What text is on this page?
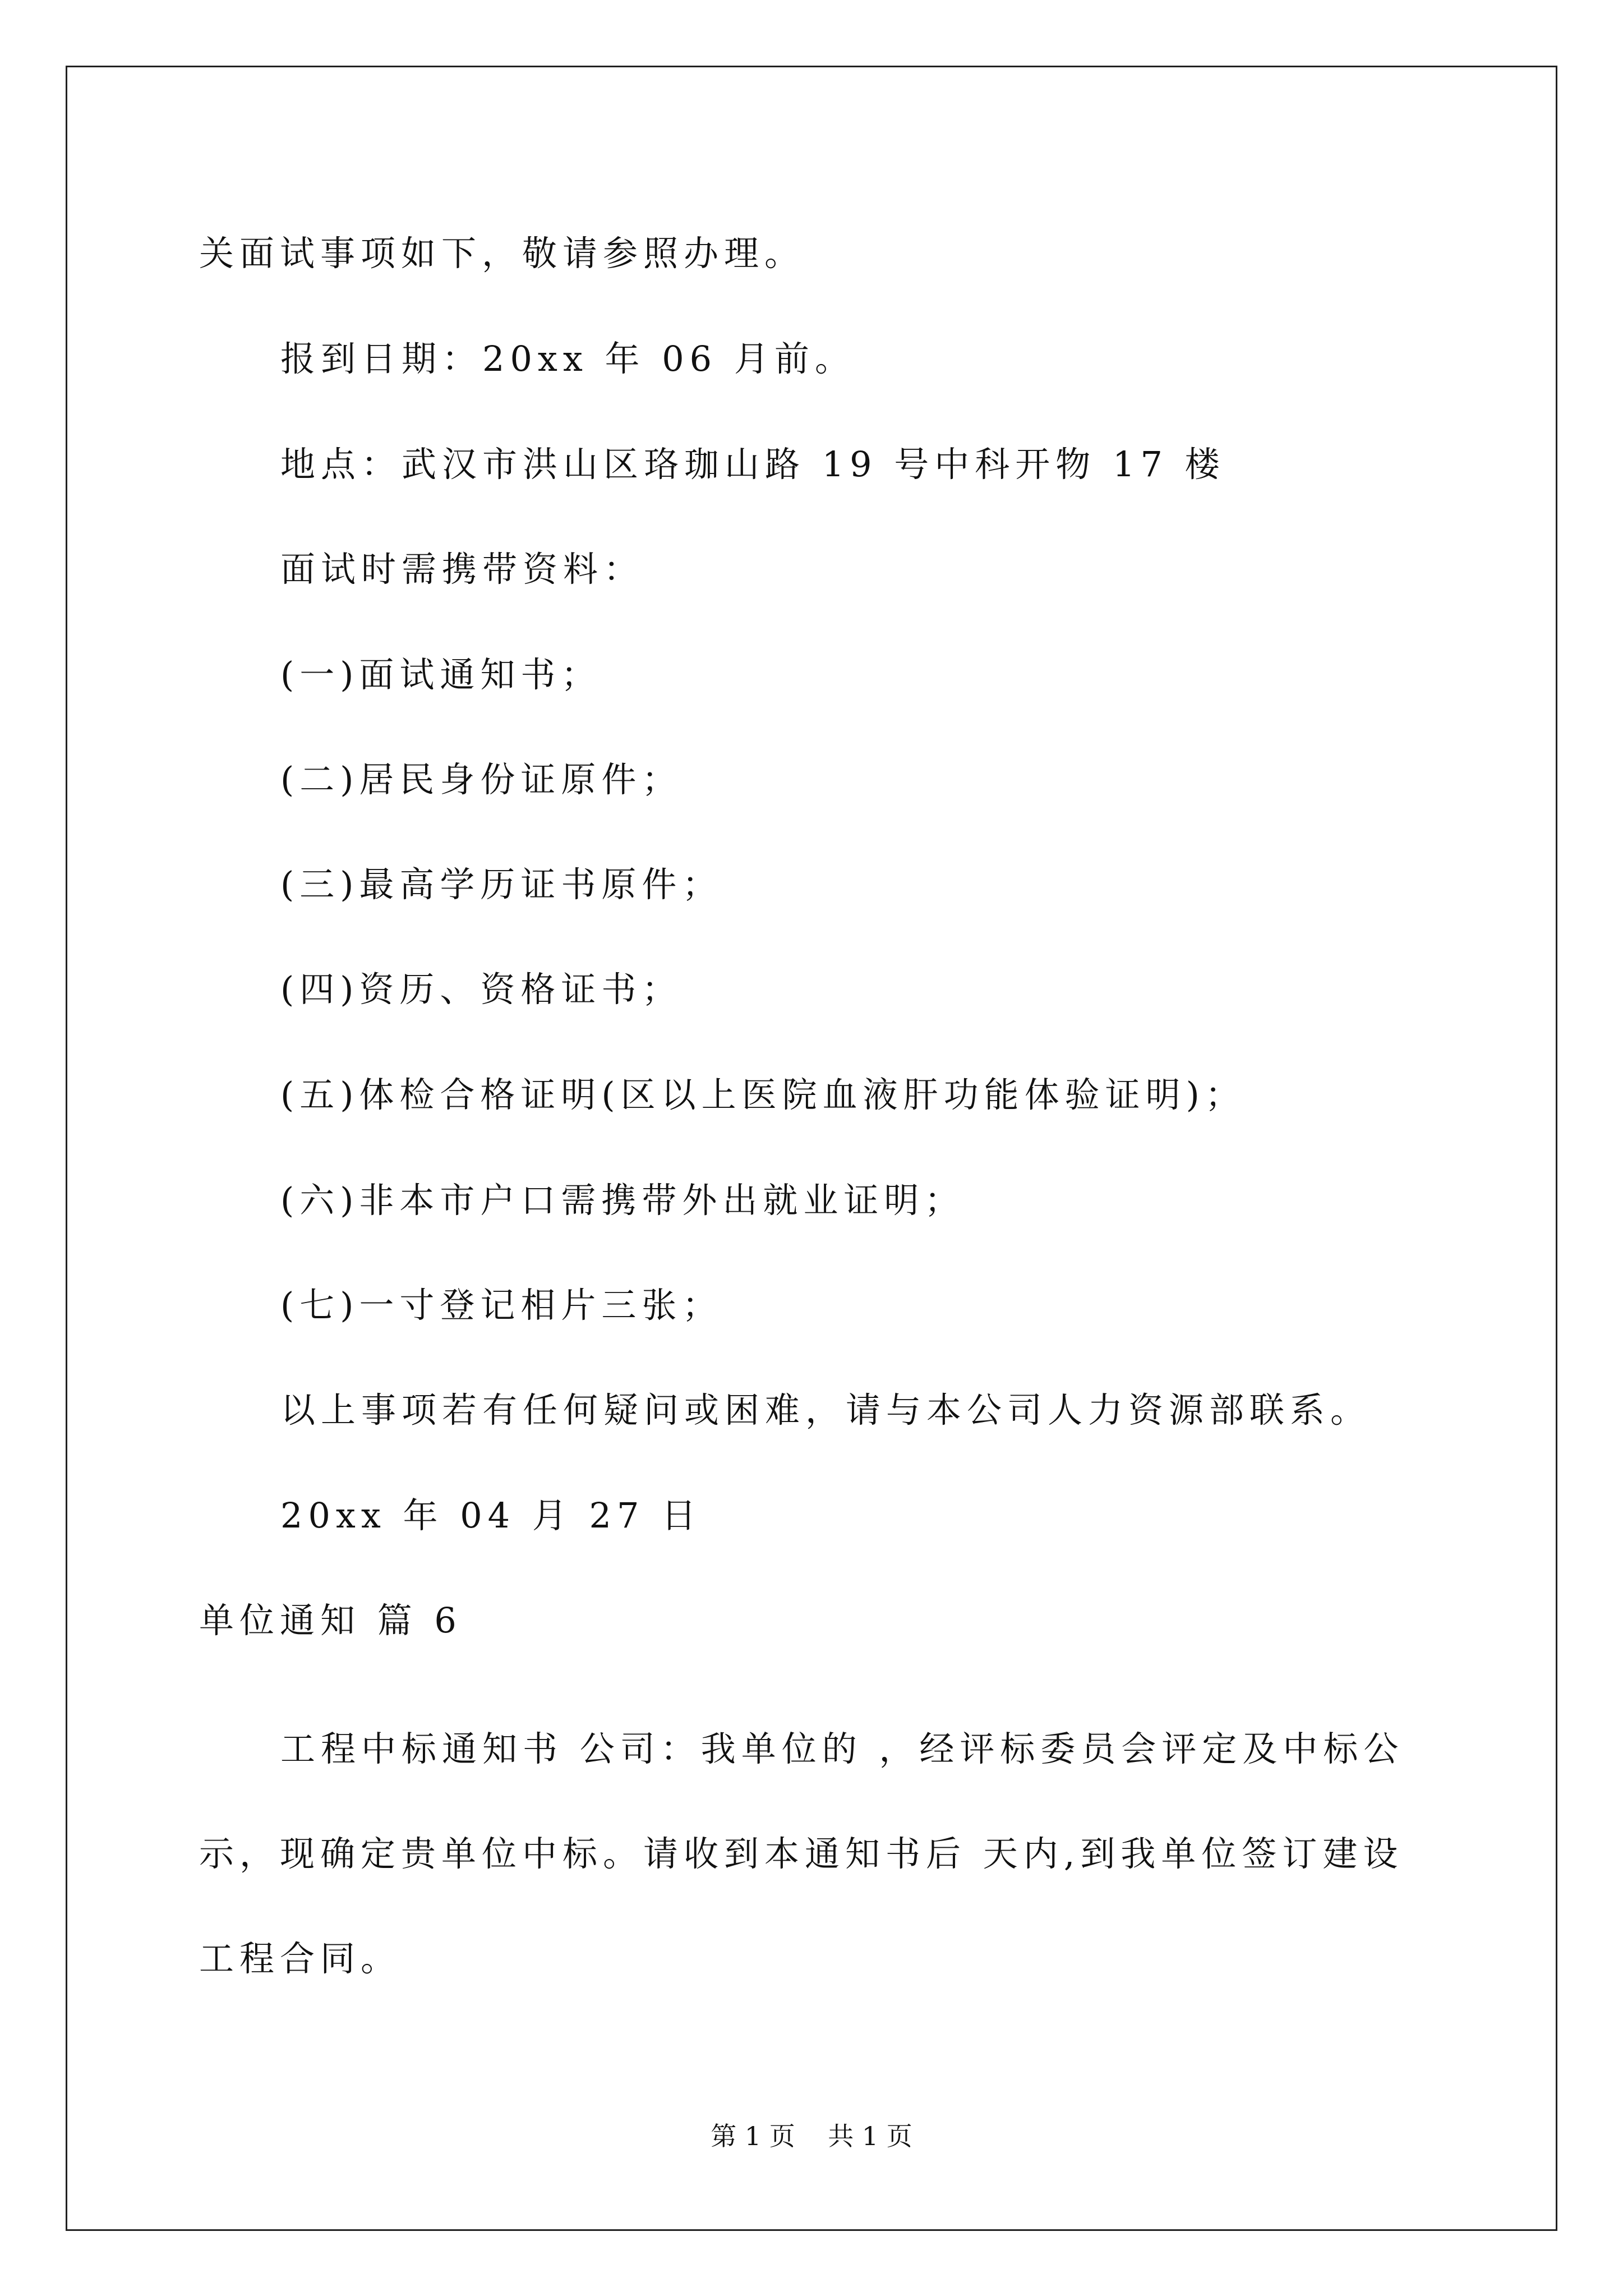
关面试事项如下，敬请参照办理。
报到日期：20xx 年 06 月前。
地点：武汉市洪山区珞珈山路 19 号中科开物 17 楼
面试时需携带资料：
(一)面试通知书；
(二)居民身份证原件；
(三)最高学历证书原件；
(四)资历、资格证书；
(五)体检合格证明(区以上医院血液肝功能体验证明)；
(六)非本市户口需携带外出就业证明；
(七)一寸登记相片三张；
以上事项若有任何疑问或困难，请与本公司人力资源部联系。
20xx 年 04 月 27 日
单位通知 篇 6
工程中标通知书 公司：我单位的 ，经评标委员会评定及中标公
示，现确定贵单位中标。请收到本通知书后 天内,到我单位签订建设
工程合同。
第 1 页    共 1 页
